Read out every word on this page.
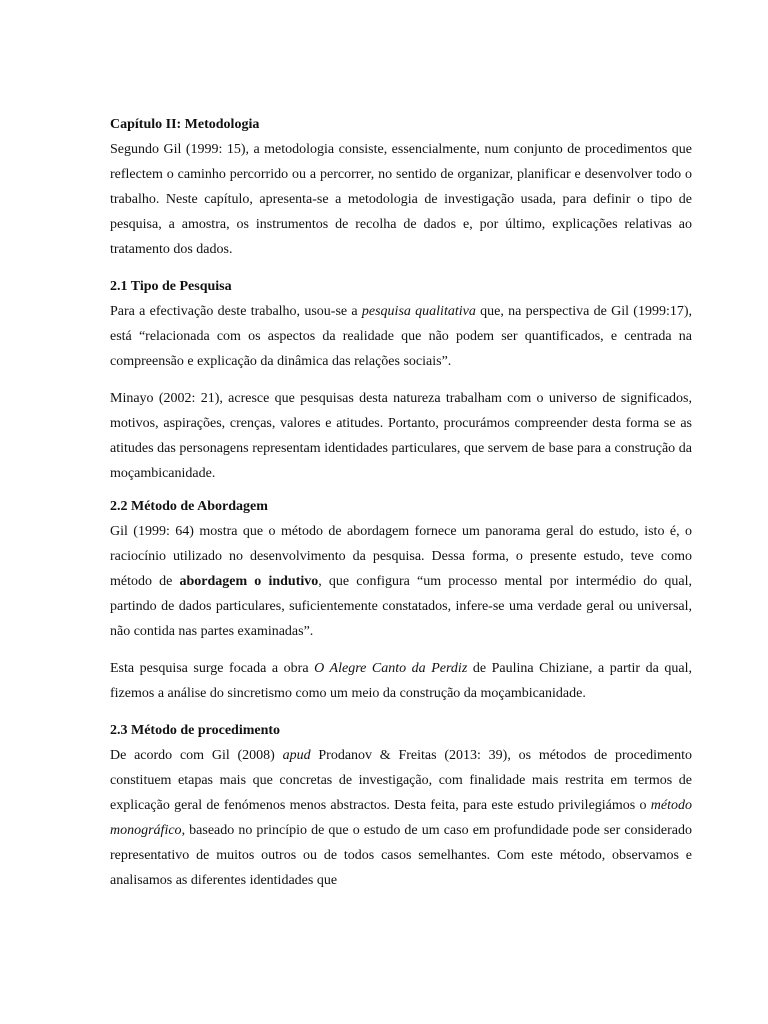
Capítulo II: Metodologia

Segundo Gil (1999: 15), a metodologia consiste, essencialmente, num conjunto de procedimentos que reflectem o caminho percorrido ou a percorrer, no sentido de organizar, planificar e desenvolver todo o trabalho. Neste capítulo, apresenta-se a metodologia de investigação usada, para definir o tipo de pesquisa, a amostra, os instrumentos de recolha de dados e, por último, explicações relativas ao tratamento dos dados.

2.1 Tipo de Pesquisa

Para a efectivação deste trabalho, usou-se a pesquisa qualitativa que, na perspectiva de Gil (1999:17), está “relacionada com os aspectos da realidade que não podem ser quantificados, e centrada na compreensão e explicação da dinâmica das relações sociais”.

Minayo (2002: 21), acresce que pesquisas desta natureza trabalham com o universo de significados, motivos, aspirações, crenças, valores e atitudes. Portanto, procurámos compreender desta forma se as atitudes das personagens representam identidades particulares, que servem de base para a construção da moçambicanidade.

2.2 Método de Abordagem

Gil (1999: 64) mostra que o método de abordagem fornece um panorama geral do estudo, isto é, o raciocínio utilizado no desenvolvimento da pesquisa. Dessa forma, o presente estudo, teve como método de abordagem o indutivo, que configura “um processo mental por intermédio do qual, partindo de dados particulares, suficientemente constatados, infere-se uma verdade geral ou universal, não contida nas partes examinadas”.

Esta pesquisa surge focada a obra O Alegre Canto da Perdiz de Paulina Chiziane, a partir da qual, fizemos a análise do sincretismo como um meio da construção da moçambicanidade.

2.3 Método de procedimento

De acordo com Gil (2008) apud Prodanov & Freitas (2013: 39), os métodos de procedimento constituem etapas mais que concretas de investigação, com finalidade mais restrita em termos de explicação geral de fenómenos menos abstractos. Desta feita, para este estudo privilegiámos o método monográfico, baseado no princípio de que o estudo de um caso em profundidade pode ser considerado representativo de muitos outros ou de todos casos semelhantes. Com este método, observamos e analisamos as diferentes identidades que
